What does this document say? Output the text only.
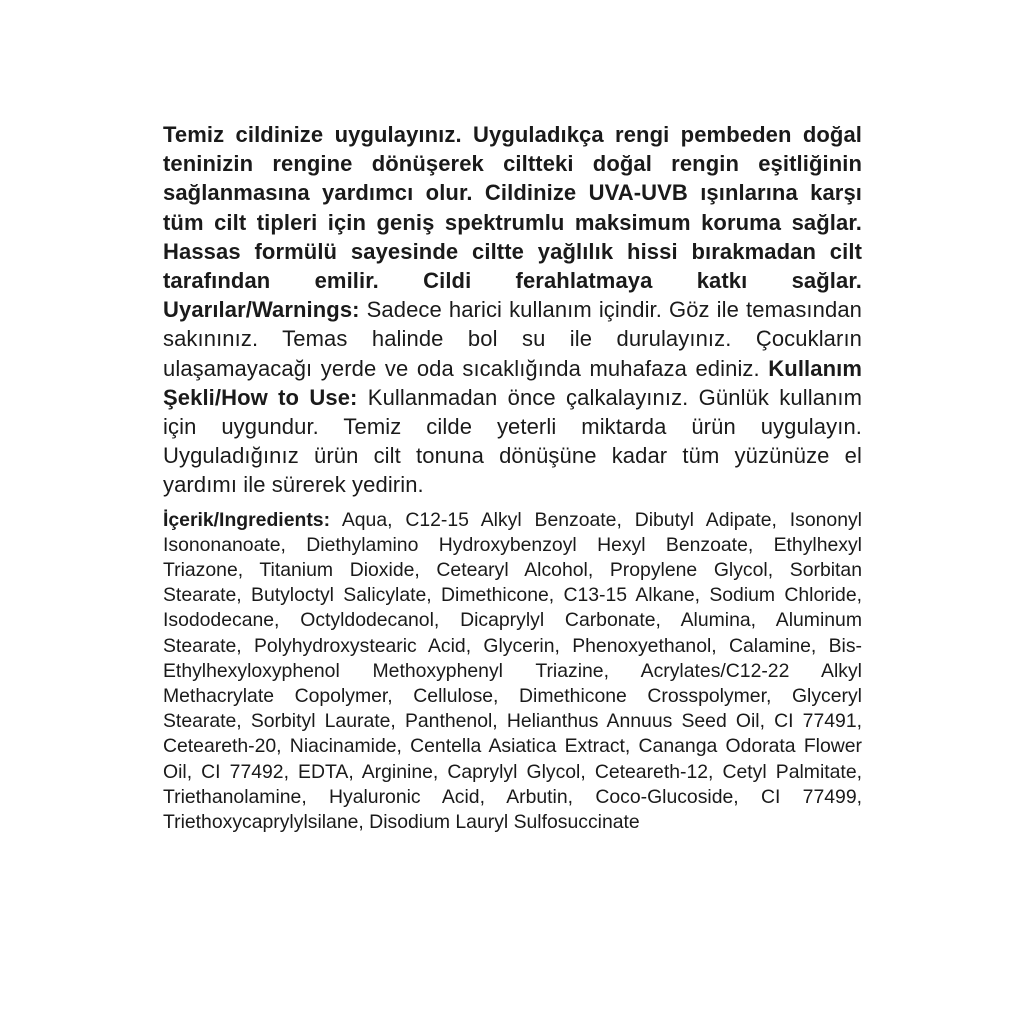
Temiz cildinize uygulayınız. Uyguladıkça rengi pembeden doğal teninizin rengine dönüşerek ciltteki doğal rengin eşitliğinin sağlanmasına yardımcı olur. Cildinize UVA-UVB ışınlarına karşı tüm cilt tipleri için geniş spektrumlu maksimum koruma sağlar. Hassas formülü sayesinde ciltte yağlılık hissi bırakmadan cilt tarafından emilir. Cildi ferahlatmaya katkı sağlar. Uyarılar/Warnings: Sadece harici kullanım içindir. Göz ile temasından sakınınız. Temas halinde bol su ile durulayınız. Çocukların ulaşamayacağı yerde ve oda sıcaklığında muhafaza ediniz. Kullanım Şekli/How to Use: Kullanmadan önce çalkalayınız. Günlük kullanım için uygundur. Temiz cilde yeterli miktarda ürün uygulayın. Uyguladığınız ürün cilt tonuna dönüşüne kadar tüm yüzünüze el yardımı ile sürerek yedirin.

İçerik/Ingredients: Aqua, C12-15 Alkyl Benzoate, Dibutyl Adipate, Isononyl Isononanoate, Diethylamino Hydroxybenzoyl Hexyl Benzoate, Ethylhexyl Triazone, Titanium Dioxide, Cetearyl Alcohol, Propylene Glycol, Sorbitan Stearate, Butyloctyl Salicylate, Dimethicone, C13-15 Alkane, Sodium Chloride, Isododecane, Octyldodecanol, Dicaprylyl Carbonate, Alumina, Aluminum Stearate, Polyhydroxystearic Acid, Glycerin, Phenoxyethanol, Calamine, Bis-Ethylhexyloxyphenol Methoxyphenyl Triazine, Acrylates/C12-22 Alkyl Methacrylate Copolymer, Cellulose, Dimethicone Crosspolymer, Glyceryl Stearate, Sorbityl Laurate, Panthenol, Helianthus Annuus Seed Oil, CI 77491, Ceteareth-20, Niacinamide, Centella Asiatica Extract, Cananga Odorata Flower Oil, CI 77492, EDTA, Arginine, Caprylyl Glycol, Ceteareth-12, Cetyl Palmitate, Triethanolamine, Hyaluronic Acid, Arbutin, Coco-Glucoside, CI 77499, Triethoxycaprylylsilane, Disodium Lauryl Sulfosuccinate
